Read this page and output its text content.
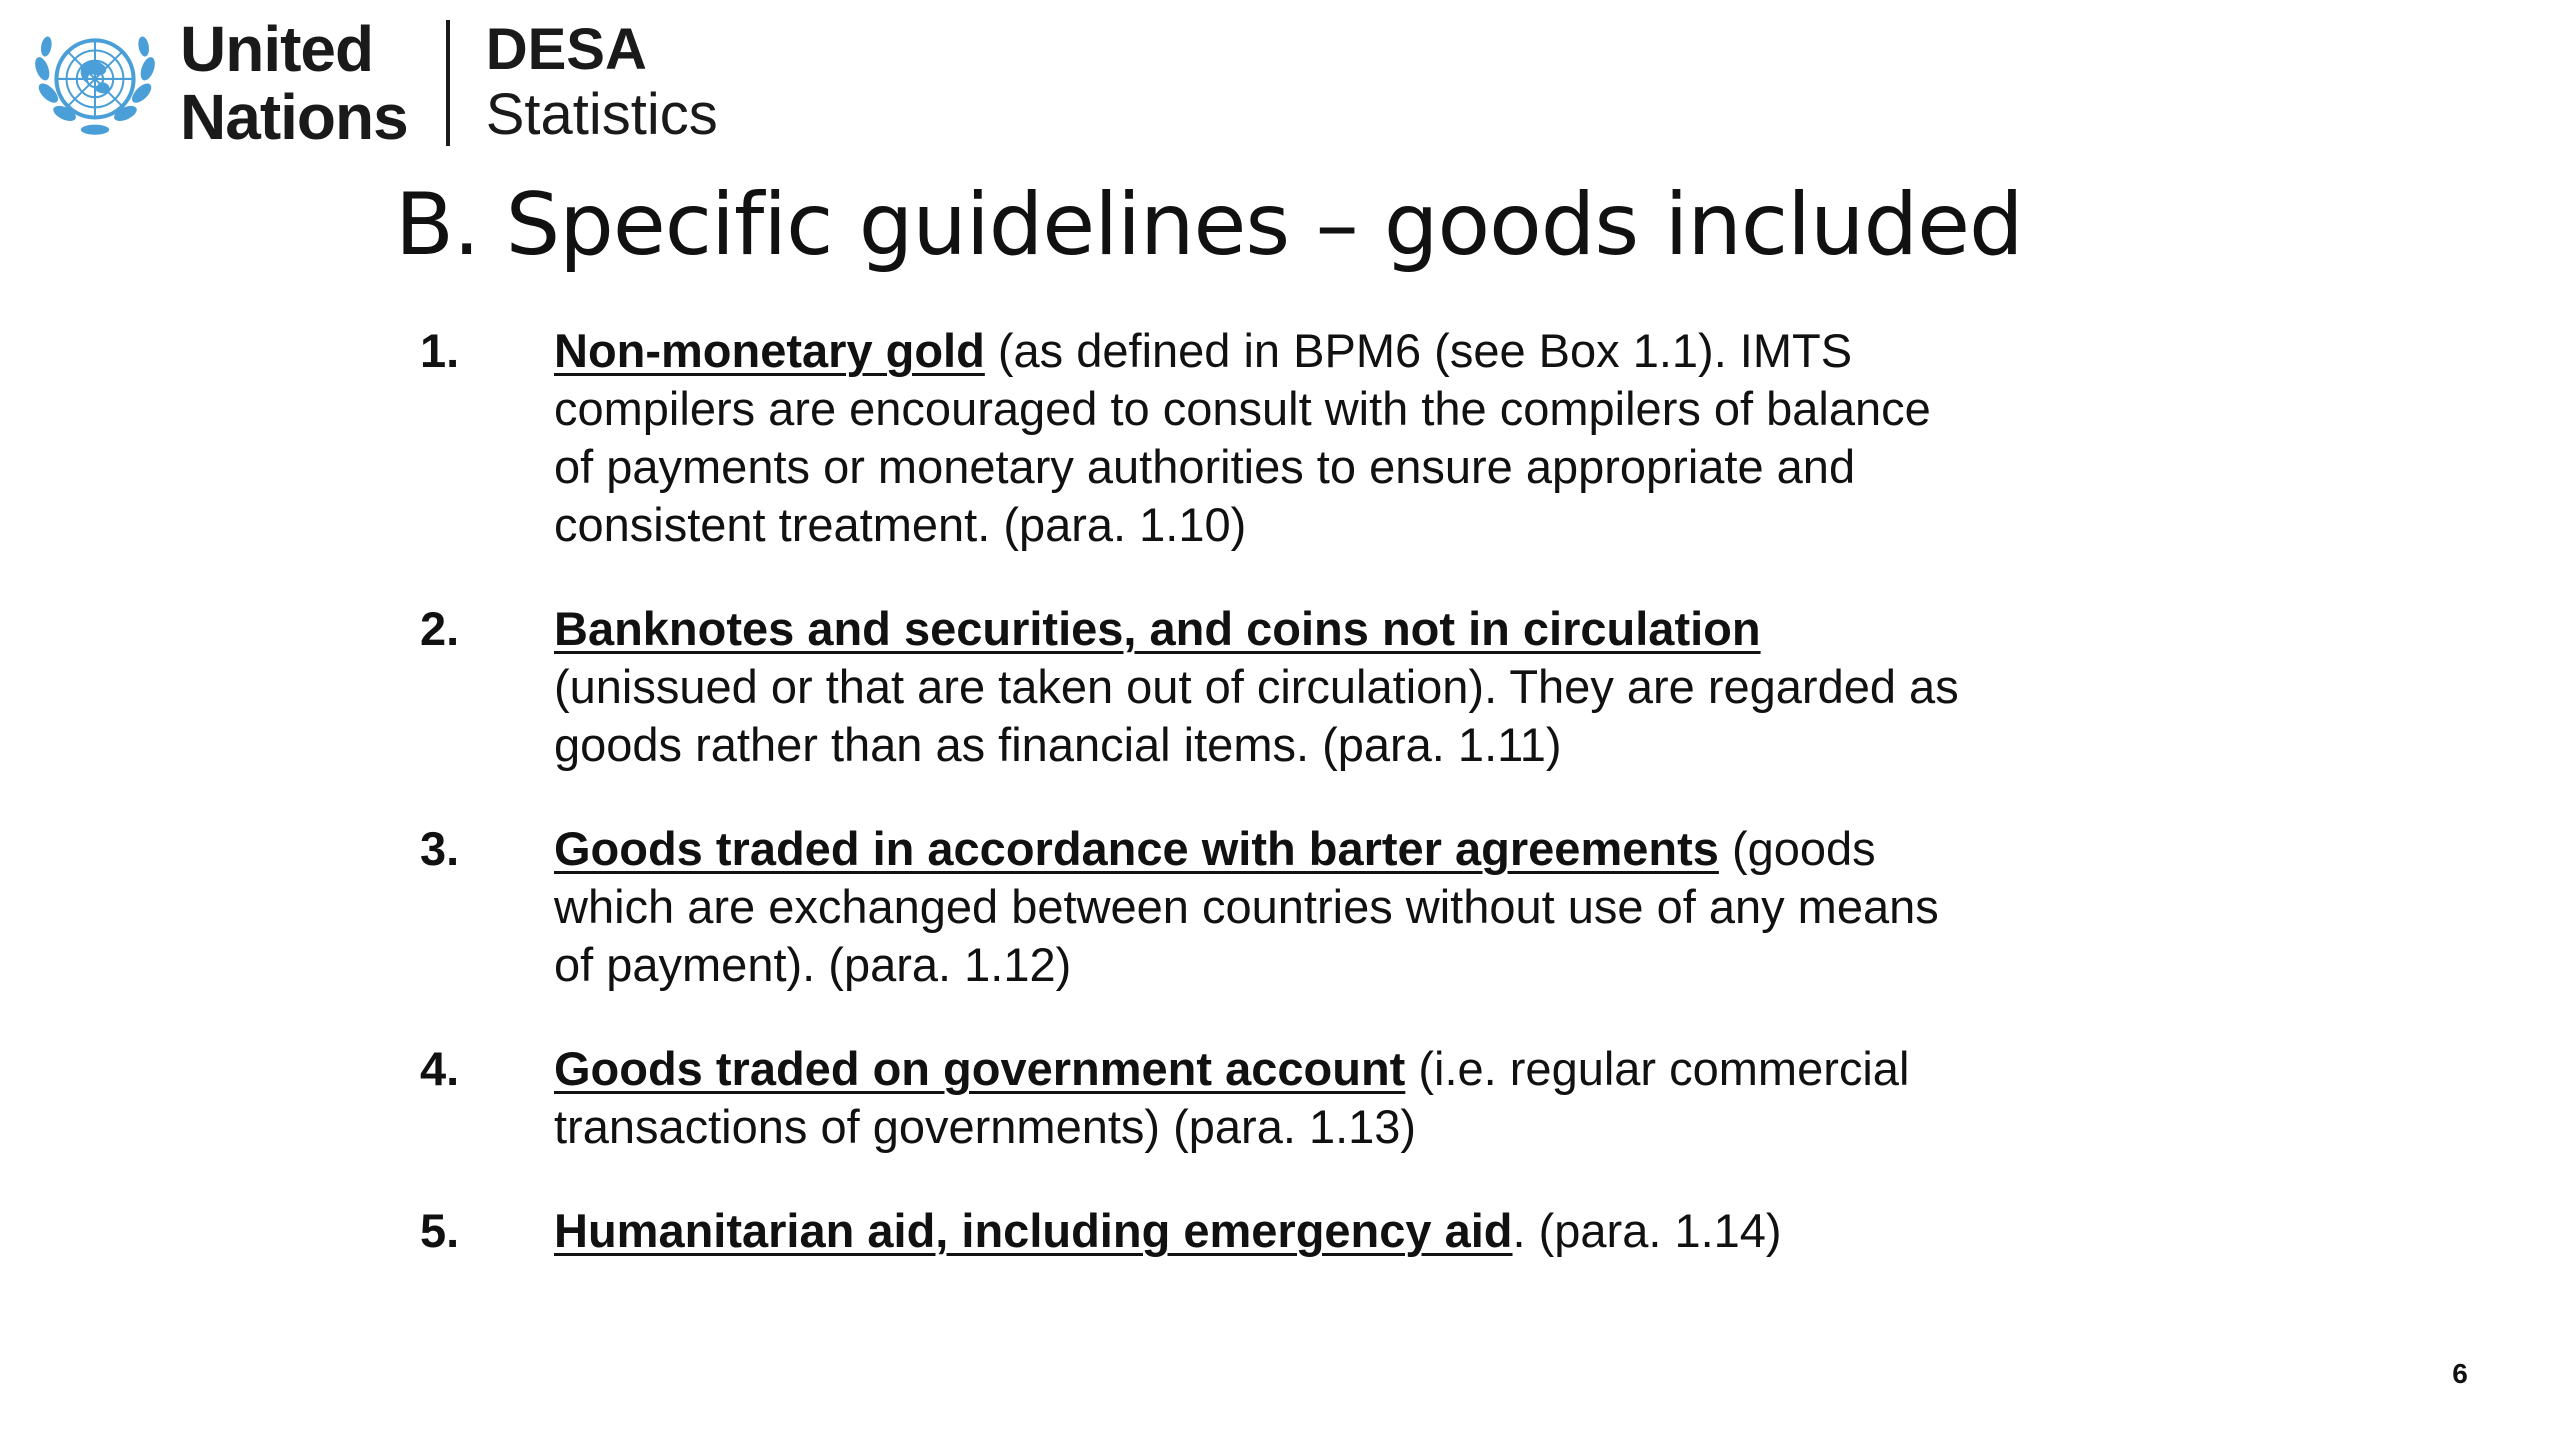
United
Nations
DESA
Statistics
B. Specific guidelines – goods included
1.	Non-monetary gold (as defined in BPM6 (see Box 1.1). IMTS compilers are encouraged to consult with the compilers of balance of payments or monetary authorities to ensure appropriate and consistent treatment. (para. 1.10)
2.	Banknotes and securities, and coins not in circulation (unissued or that are taken out of circulation). They are regarded as goods rather than as financial items. (para. 1.11)
3.	Goods traded in accordance with barter agreements (goods which are exchanged between countries without use of any means of payment). (para. 1.12)
4.	Goods traded on government account (i.e. regular commercial transactions of governments) (para. 1.13)
5.	Humanitarian aid, including emergency aid. (para. 1.14)
6
